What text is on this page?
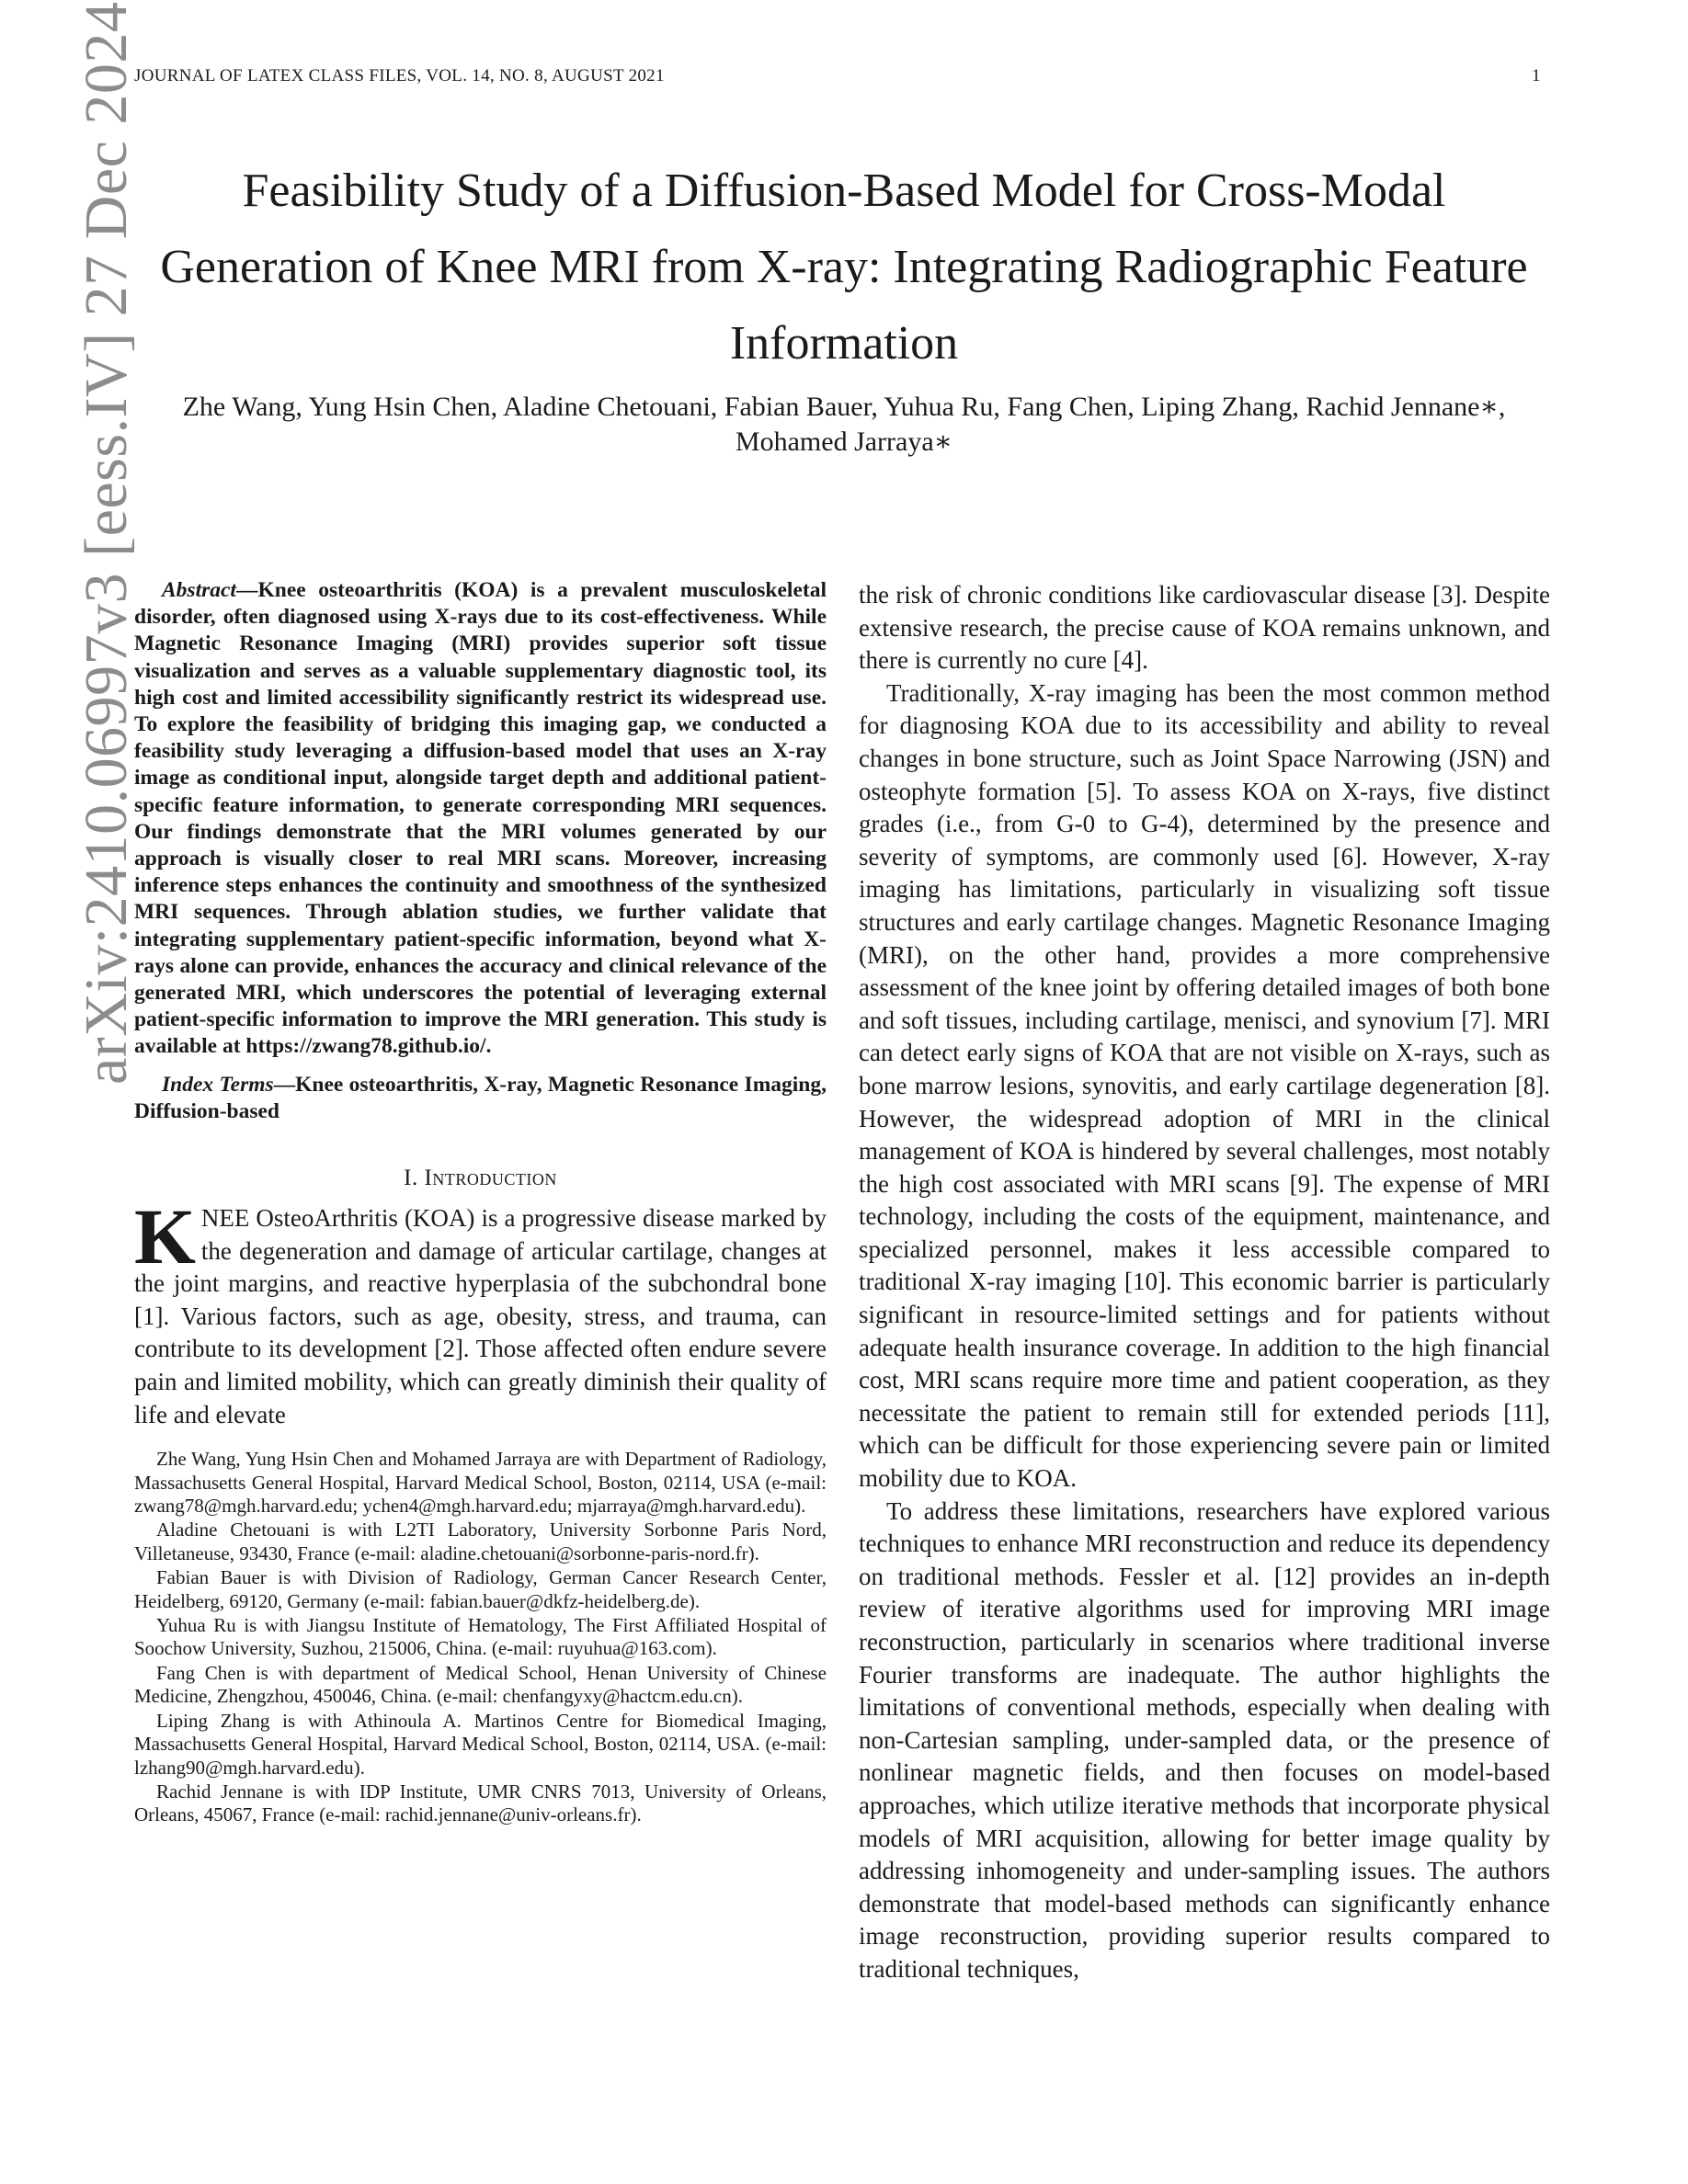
JOURNAL OF LATEX CLASS FILES, VOL. 14, NO. 8, AUGUST 2021	1
Feasibility Study of a Diffusion-Based Model for Cross-Modal Generation of Knee MRI from X-ray: Integrating Radiographic Feature Information

Zhe Wang, Yung Hsin Chen, Aladine Chetouani, Fabian Bauer, Yuhua Ru, Fang Chen, Liping Zhang, Rachid Jennane∗, Mohamed Jarraya∗

arXiv:2410.06997v3 [eess.IV] 27 Dec 2024	Abstract—Knee osteoarthritis (KOA) is a prevalent musculoskeletal disorder, often diagnosed using X-rays due to its cost-effectiveness. While Magnetic Resonance Imaging (MRI) provides superior soft tissue visualization and serves as a valuable supplementary diagnostic tool, its high cost and limited accessibility significantly restrict its widespread use. To explore the feasibility of bridging this imaging gap, we conducted a feasibility study leveraging a diffusion-based model that uses an X-ray image as conditional input, alongside target depth and additional patient-specific feature information, to generate corresponding MRI sequences. Our findings demonstrate that the MRI volumes generated by our approach is visually closer to real MRI scans. Moreover, increasing inference steps enhances the continuity and smoothness of the synthesized MRI sequences. Through ablation studies, we further validate that integrating supplementary patient-specific information, beyond what X-rays alone can provide, enhances the accuracy and clinical relevance of the generated MRI, which underscores the potential of leveraging external patient-specific information to improve the MRI generation. This study is available at https://zwang78.github.io/.

Index Terms—Knee osteoarthritis, X-ray, Magnetic Resonance Imaging, Diffusion-based

I. Introduction

KNEE OsteoArthritis (KOA) is a progressive disease marked by the degeneration and damage of articular cartilage, changes at the joint margins, and reactive hyperplasia of the subchondral bone [1]. Various factors, such as age, obesity, stress, and trauma, can contribute to its development [2]. Those affected often endure severe pain and limited mobility, which can greatly diminish their quality of life and elevate

Zhe Wang, Yung Hsin Chen and Mohamed Jarraya are with Department of Radiology, Massachusetts General Hospital, Harvard Medical School, Boston, 02114, USA (e-mail: zwang78@mgh.harvard.edu; ychen4@mgh.harvard.edu; mjarraya@mgh.harvard.edu).

Aladine Chetouani is with L2TI Laboratory, University Sorbonne Paris Nord, Villetaneuse, 93430, France (e-mail: aladine.chetouani@sorbonne-paris-nord.fr).

Fabian Bauer is with Division of Radiology, German Cancer Research Center, Heidelberg, 69120, Germany (e-mail: fabian.bauer@dkfz-heidelberg.de).

Yuhua Ru is with Jiangsu Institute of Hematology, The First Affiliated Hospital of Soochow University, Suzhou, 215006, China. (e-mail: ruyuhua@163.com).

Fang Chen is with department of Medical School, Henan University of Chinese Medicine, Zhengzhou, 450046, China. (e-mail: chenfangyxy@hactcm.edu.cn).

Liping Zhang is with Athinoula A. Martinos Centre for Biomedical Imaging, Massachusetts General Hospital, Harvard Medical School, Boston, 02114, USA. (e-mail: lzhang90@mgh.harvard.edu).

Rachid Jennane is with IDP Institute, UMR CNRS 7013, University of Orleans, Orleans, 45067, France (e-mail: rachid.jennane@univ-orleans.fr).

the risk of chronic conditions like cardiovascular disease [3]. Despite extensive research, the precise cause of KOA remains unknown, and there is currently no cure [4].

Traditionally, X-ray imaging has been the most common method for diagnosing KOA due to its accessibility and ability to reveal changes in bone structure, such as Joint Space Narrowing (JSN) and osteophyte formation [5]. To assess KOA on X-rays, five distinct grades (i.e., from G-0 to G-4), determined by the presence and severity of symptoms, are commonly used [6]. However, X-ray imaging has limitations, particularly in visualizing soft tissue structures and early cartilage changes. Magnetic Resonance Imaging (MRI), on the other hand, provides a more comprehensive assessment of the knee joint by offering detailed images of both bone and soft tissues, including cartilage, menisci, and synovium [7]. MRI can detect early signs of KOA that are not visible on X-rays, such as bone marrow lesions, synovitis, and early cartilage degeneration [8]. However, the widespread adoption of MRI in the clinical management of KOA is hindered by several challenges, most notably the high cost associated with MRI scans [9]. The expense of MRI technology, including the costs of the equipment, maintenance, and specialized personnel, makes it less accessible compared to traditional X-ray imaging [10]. This economic barrier is particularly significant in resource-limited settings and for patients without adequate health insurance coverage. In addition to the high financial cost, MRI scans require more time and patient cooperation, as they necessitate the patient to remain still for extended periods [11], which can be difficult for those experiencing severe pain or limited mobility due to KOA.

To address these limitations, researchers have explored various techniques to enhance MRI reconstruction and reduce its dependency on traditional methods. Fessler et al. [12] provides an in-depth review of iterative algorithms used for improving MRI image reconstruction, particularly in scenarios where traditional inverse Fourier transforms are inadequate. The author highlights the limitations of conventional methods, especially when dealing with non-Cartesian sampling, under-sampled data, or the presence of nonlinear magnetic fields, and then focuses on model-based approaches, which utilize iterative methods that incorporate physical models of MRI acquisition, allowing for better image quality by addressing inhomogeneity and under-sampling issues. The authors demonstrate that model-based methods can significantly enhance image reconstruction, providing superior results compared to traditional techniques,
